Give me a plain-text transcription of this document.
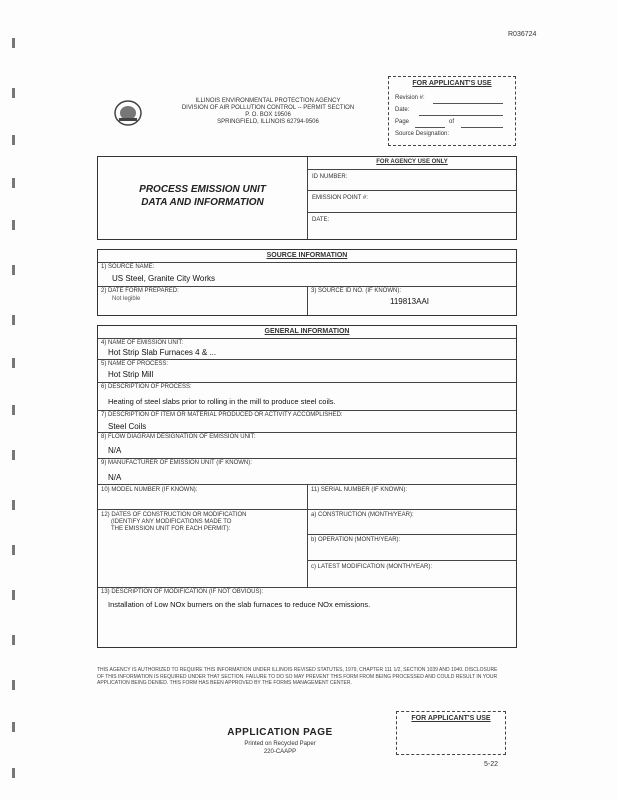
R036724
ILLINOIS ENVIRONMENTAL PROTECTION AGENCY
DIVISION OF AIR POLLUTION CONTROL -- PERMIT SECTION
P. O. BOX 19506
SPRINGFIELD, ILLINOIS 62794-9506
FOR APPLICANT'S USE
Revision #:
Date:
Page	of
Source Designation:
PROCESS EMISSION UNIT
DATA AND INFORMATION
FOR AGENCY USE ONLY
ID NUMBER:
EMISSION POINT #:
DATE:
SOURCE INFORMATION
1) SOURCE NAME:
US Steel, Granite City Works
2) DATE FORM PREPARED:
Not legible
3) SOURCE ID NO. (IF KNOWN):
119813AAI
GENERAL INFORMATION
4) NAME OF EMISSION UNIT:
Hot Strip Slab Furnaces 4 & ...
5) NAME OF PROCESS:
Hot Strip Mill
6) DESCRIPTION OF PROCESS:
Heating of steel slabs prior to rolling in the mill to produce steel coils.
7) DESCRIPTION OF ITEM OR MATERIAL PRODUCED OR ACTIVITY ACCOMPLISHED:
Steel Coils
8) FLOW DIAGRAM DESIGNATION OF EMISSION UNIT:
N/A
9) MANUFACTURER OF EMISSION UNIT (IF KNOWN):
N/A
10) MODEL NUMBER (IF KNOWN):	11) SERIAL NUMBER (IF KNOWN):
12) DATES OF CONSTRUCTION OR MODIFICATION
(IDENTIFY ANY MODIFICATIONS MADE TO
THE EMISSION UNIT FOR EACH PERMIT):
a) CONSTRUCTION (MONTH/YEAR):
b) OPERATION (MONTH/YEAR):
c) LATEST MODIFICATION (MONTH/YEAR):
13) DESCRIPTION OF MODIFICATION (IF NOT OBVIOUS):
Installation of Low NOx burners on the slab furnaces to reduce NOx emissions.
THIS AGENCY IS AUTHORIZED TO REQUIRE THIS INFORMATION UNDER ILLINOIS REVISED STATUTES, 1979, CHAPTER 111 1/2, SECTION 1039 AND 1040. DISCLOSURE
OF THIS INFORMATION IS REQUIRED UNDER THAT SECTION. FAILURE TO DO SO MAY PREVENT THIS FORM FROM BEING PROCESSED AND COULD RESULT IN YOUR
APPLICATION BEING DENIED. THIS FORM HAS BEEN APPROVED BY THE FORMS MANAGEMENT CENTER.
APPLICATION PAGE
Printed on Recycled Paper
220-CAAPP
FOR APPLICANT'S USE
5-22
